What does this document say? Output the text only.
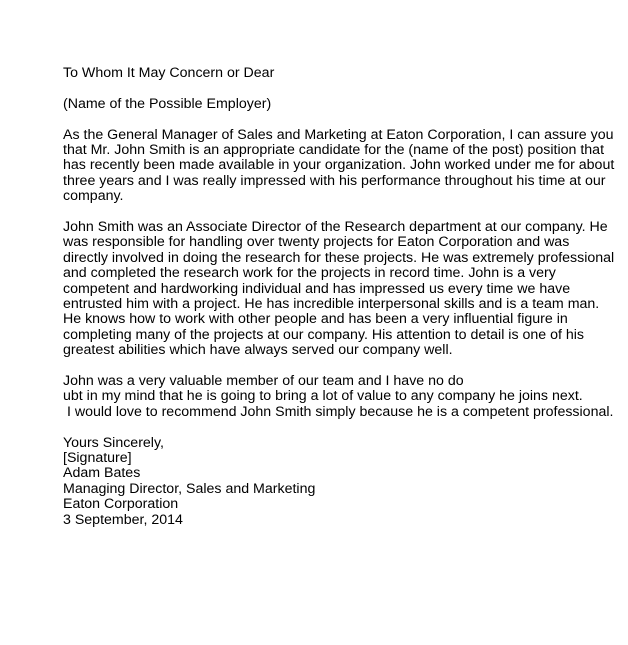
To Whom It May Concern or Dear
(Name of the Possible Employer)
As the General Manager of Sales and Marketing at Eaton Corporation, I can assure you
that Mr. John Smith is an appropriate candidate for the (name of the post) position that
has recently been made available in your organization. John worked under me for about
three years and I was really impressed with his performance throughout his time at our
company.
John Smith was an Associate Director of the Research department at our company. He
was responsible for handling over twenty projects for Eaton Corporation and was
directly involved in doing the research for these projects. He was extremely professional
and completed the research work for the projects in record time. John is a very
competent and hardworking individual and has impressed us every time we have
entrusted him with a project. He has incredible interpersonal skills and is a team man.
He knows how to work with other people and has been a very influential figure in
completing many of the projects at our company. His attention to detail is one of his
greatest abilities which have always served our company well.
John was a very valuable member of our team and I have no do
ubt in my mind that he is going to bring a lot of value to any company he joins next.
I would love to recommend John Smith simply because he is a competent professional.
Yours Sincerely,
[Signature]
Adam Bates
Managing Director, Sales and Marketing
Eaton Corporation
3 September, 2014
